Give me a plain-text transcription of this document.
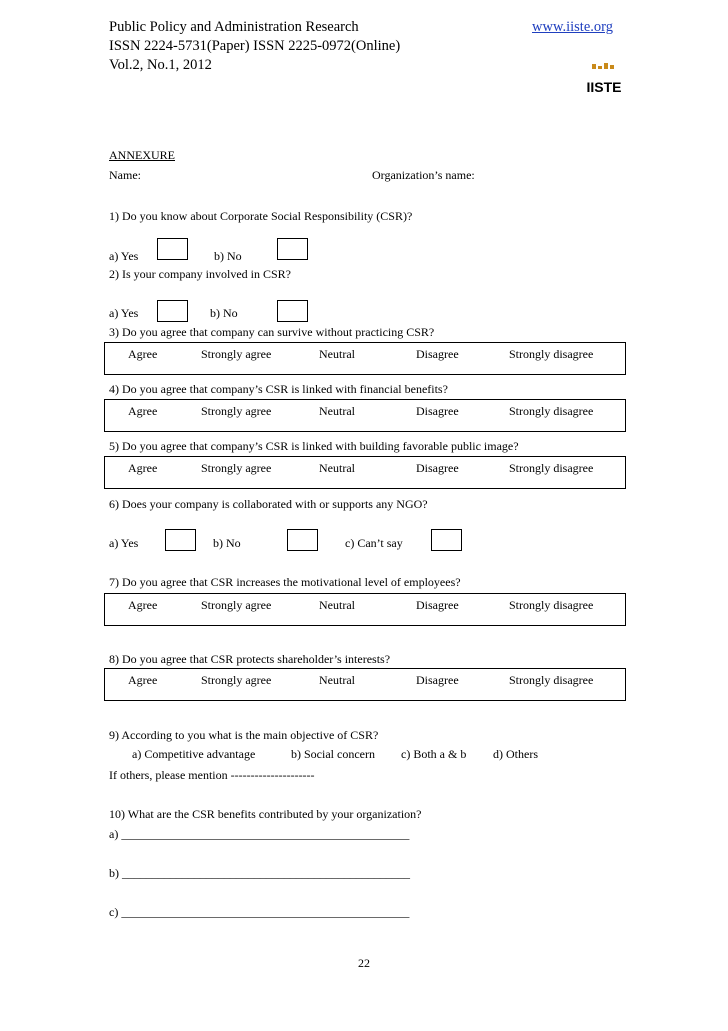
Public Policy and Administration Research
ISSN 2224-5731(Paper) ISSN 2225-0972(Online)
Vol.2, No.1, 2012
www.iiste.org
IISTE
ANNEXURE
Name:	Organization’s name:
1) Do you know about Corporate Social Responsibility (CSR)?
a) Yes	b) No
2) Is your company involved in CSR?
a) Yes	b) No
3) Do you agree that company can survive without practicing CSR?
Agree	Strongly agree	Neutral	Disagree	Strongly disagree
4) Do you agree that company’s CSR is linked with financial benefits?
Agree	Strongly agree	Neutral	Disagree	Strongly disagree
5) Do you agree that company’s CSR is linked with building favorable public image?
Agree	Strongly agree	Neutral	Disagree	Strongly disagree
6) Does your company is collaborated with or supports any NGO?
a) Yes	b) No	c) Can’t say
7) Do you agree that CSR increases the motivational level of employees?
Agree	Strongly agree	Neutral	Disagree	Strongly disagree
8) Do you agree that CSR protects shareholder’s interests?
Agree	Strongly agree	Neutral	Disagree	Strongly disagree
9) According to you what is the main objective of CSR?
a) Competitive advantage	b) Social concern c) Both a & b d) Others
If others, please mention ---------------------
10) What are the CSR benefits contributed by your organization?
a) ________________________________________________
b) ________________________________________________
c) ________________________________________________
22
